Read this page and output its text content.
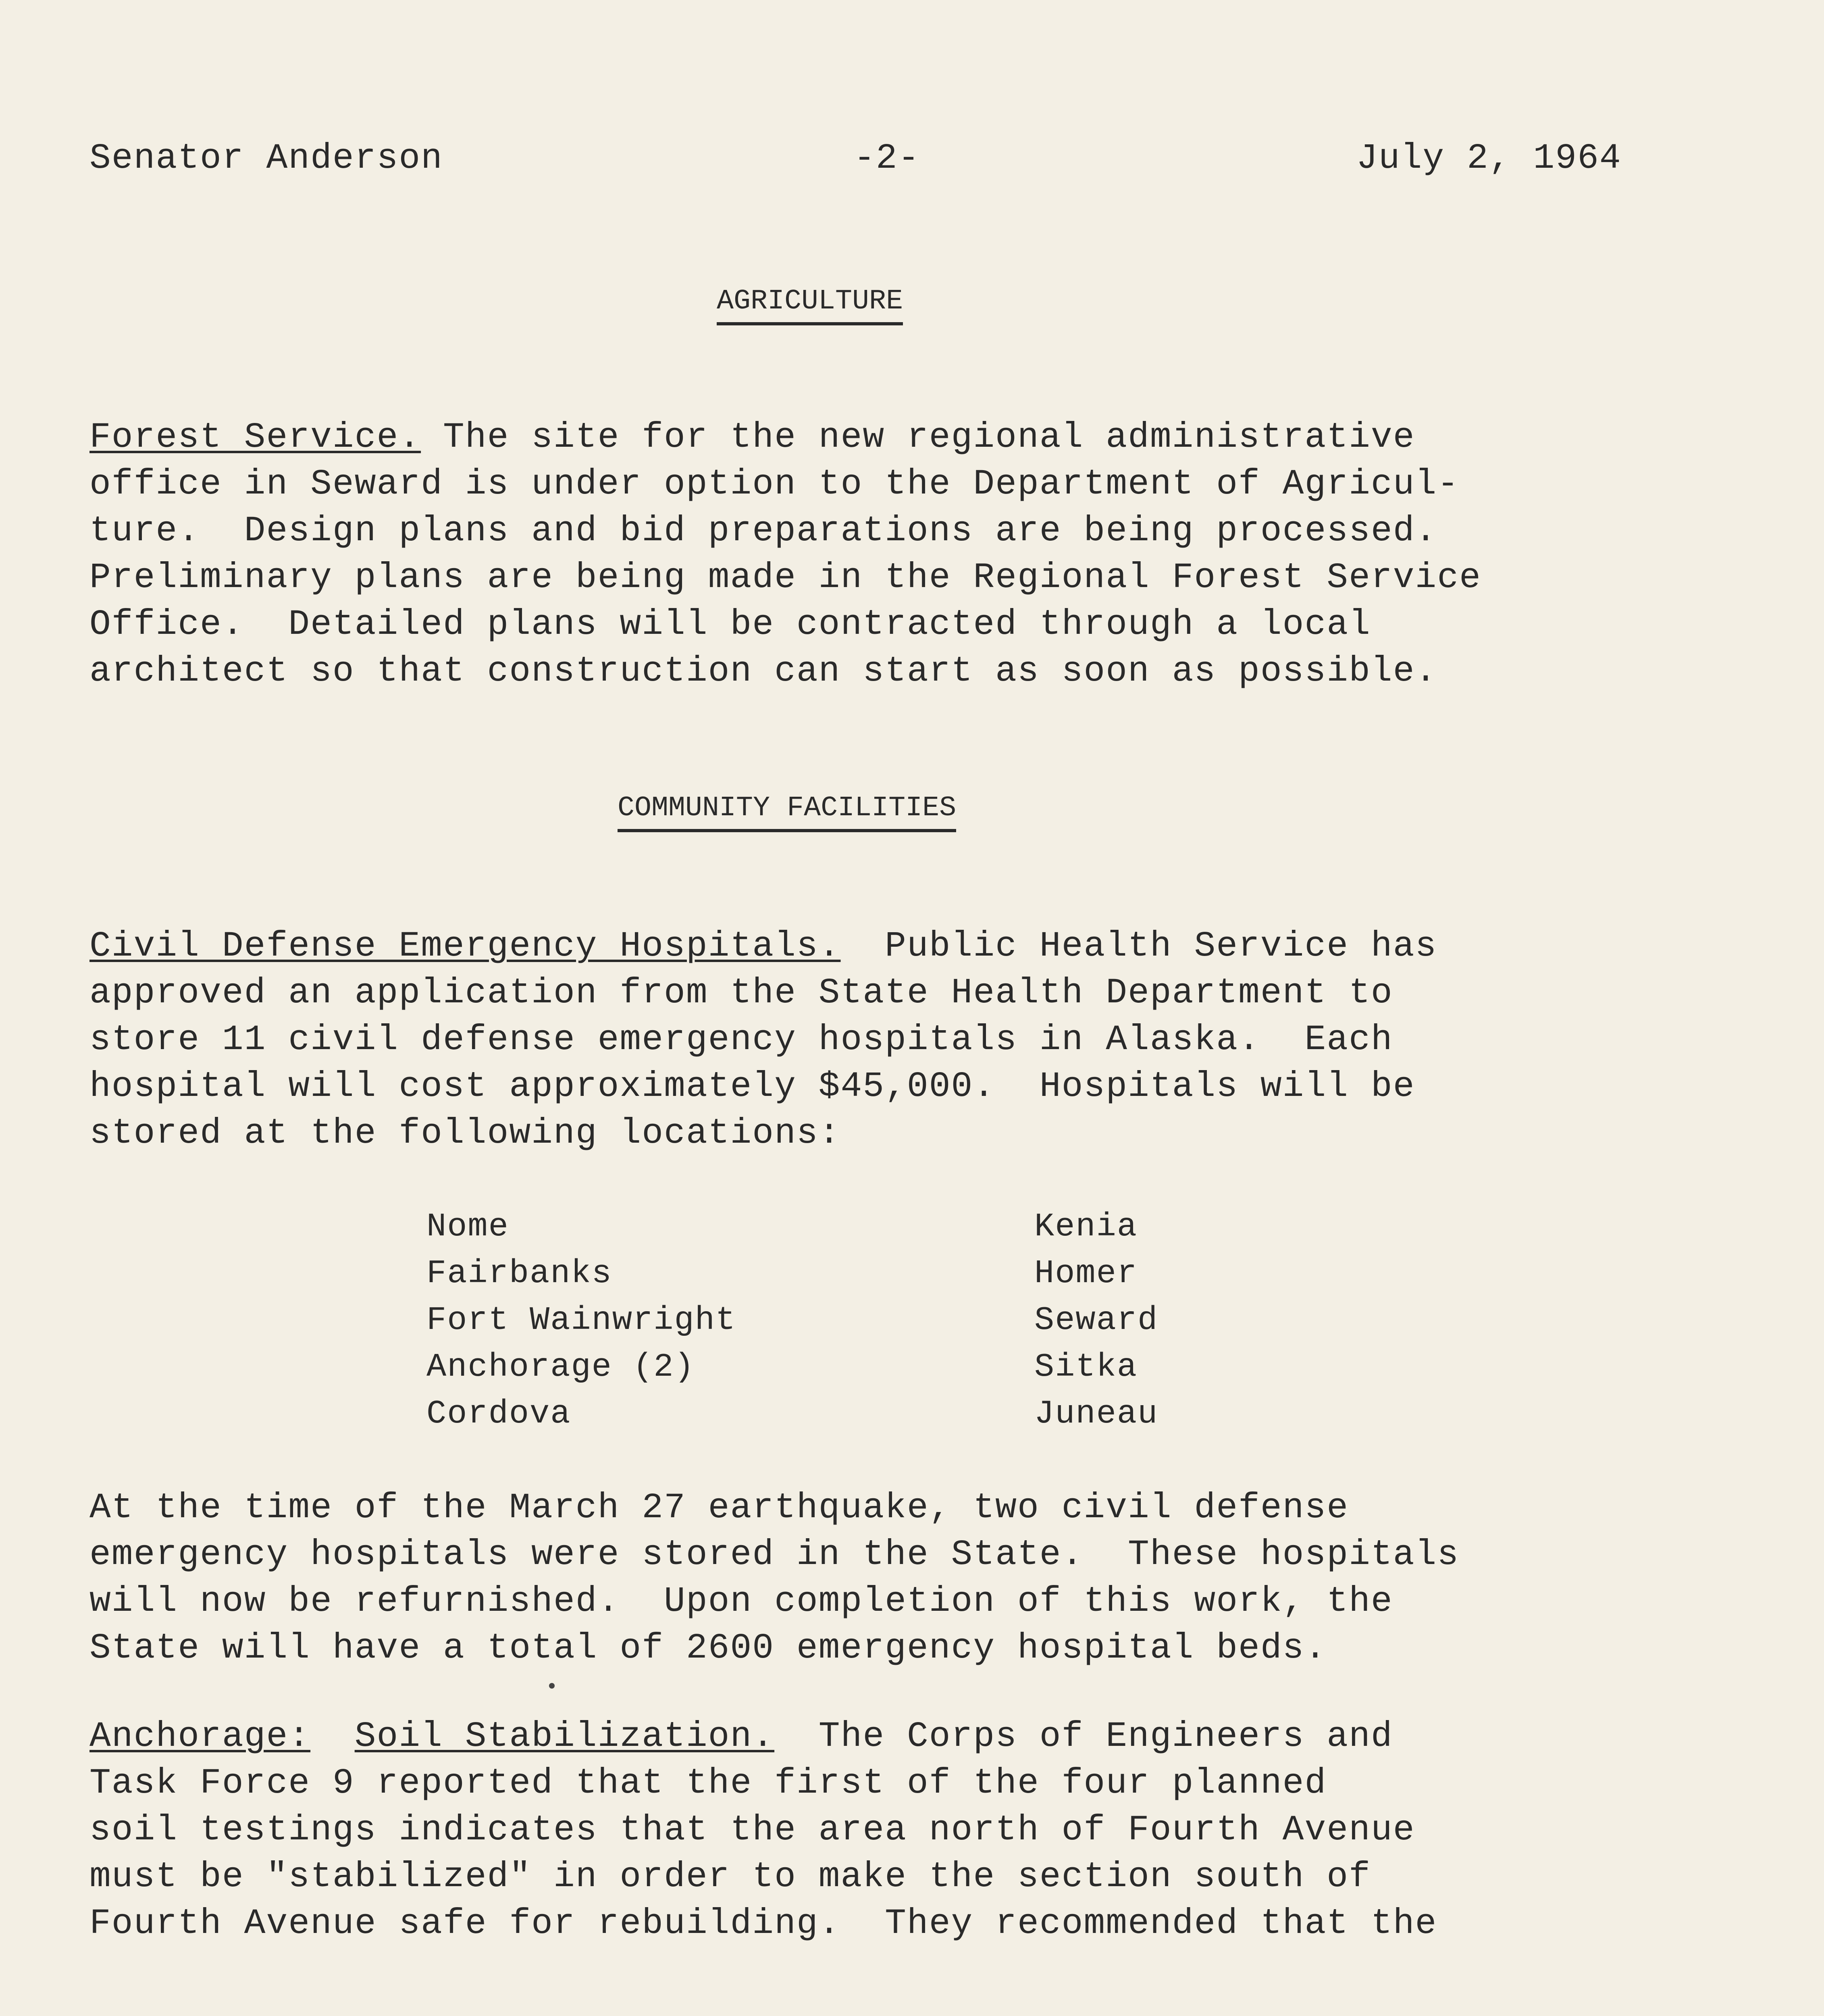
Senator Anderson	-2-	July 2, 1964
AGRICULTURE
Forest Service. The site for the new regional administrative
office in Seward is under option to the Department of Agricul-
ture.  Design plans and bid preparations are being processed.
Preliminary plans are being made in the Regional Forest Service
Office.  Detailed plans will be contracted through a local
architect so that construction can start as soon as possible.
COMMUNITY FACILITIES
Civil Defense Emergency Hospitals.  Public Health Service has
approved an application from the State Health Department to
store 11 civil defense emergency hospitals in Alaska.  Each
hospital will cost approximately $45,000.  Hospitals will be
stored at the following locations:
Nome
Fairbanks
Fort Wainwright
Anchorage (2)
Cordova
Kenia
Homer
Seward
Sitka
Juneau
At the time of the March 27 earthquake, two civil defense
emergency hospitals were stored in the State.  These hospitals
will now be refurnished.  Upon completion of this work, the
State will have a total of 2600 emergency hospital beds.
Anchorage: Soil Stabilization.  The Corps of Engineers and
Task Force 9 reported that the first of the four planned
soil testings indicates that the area north of Fourth Avenue
must be "stabilized" in order to make the section south of
Fourth Avenue safe for rebuilding.  They recommended that the
